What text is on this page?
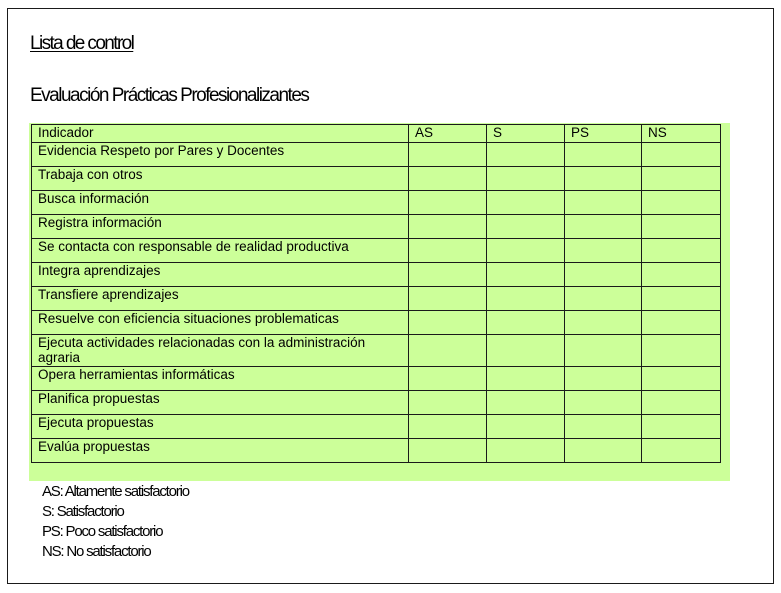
Lista de control
Evaluación Prácticas Profesionalizantes
Indicador	AS	S	PS	NS
Evidencia Respeto por Pares y Docentes				
Trabaja con otros				
Busca información				
Registra información				
Se contacta con responsable de realidad productiva				
Integra aprendizajes				
Transfiere aprendizajes				
Resuelve con eficiencia situaciones problematicas				
Ejecuta actividades relacionadas con la administración agraria				
Opera herramientas informáticas				
Planifica propuestas				
Ejecuta propuestas				
Evalúa propuestas				
AS: Altamente satisfactorio
S: Satisfactorio
PS: Poco satisfactorio
NS: No satisfactorio
